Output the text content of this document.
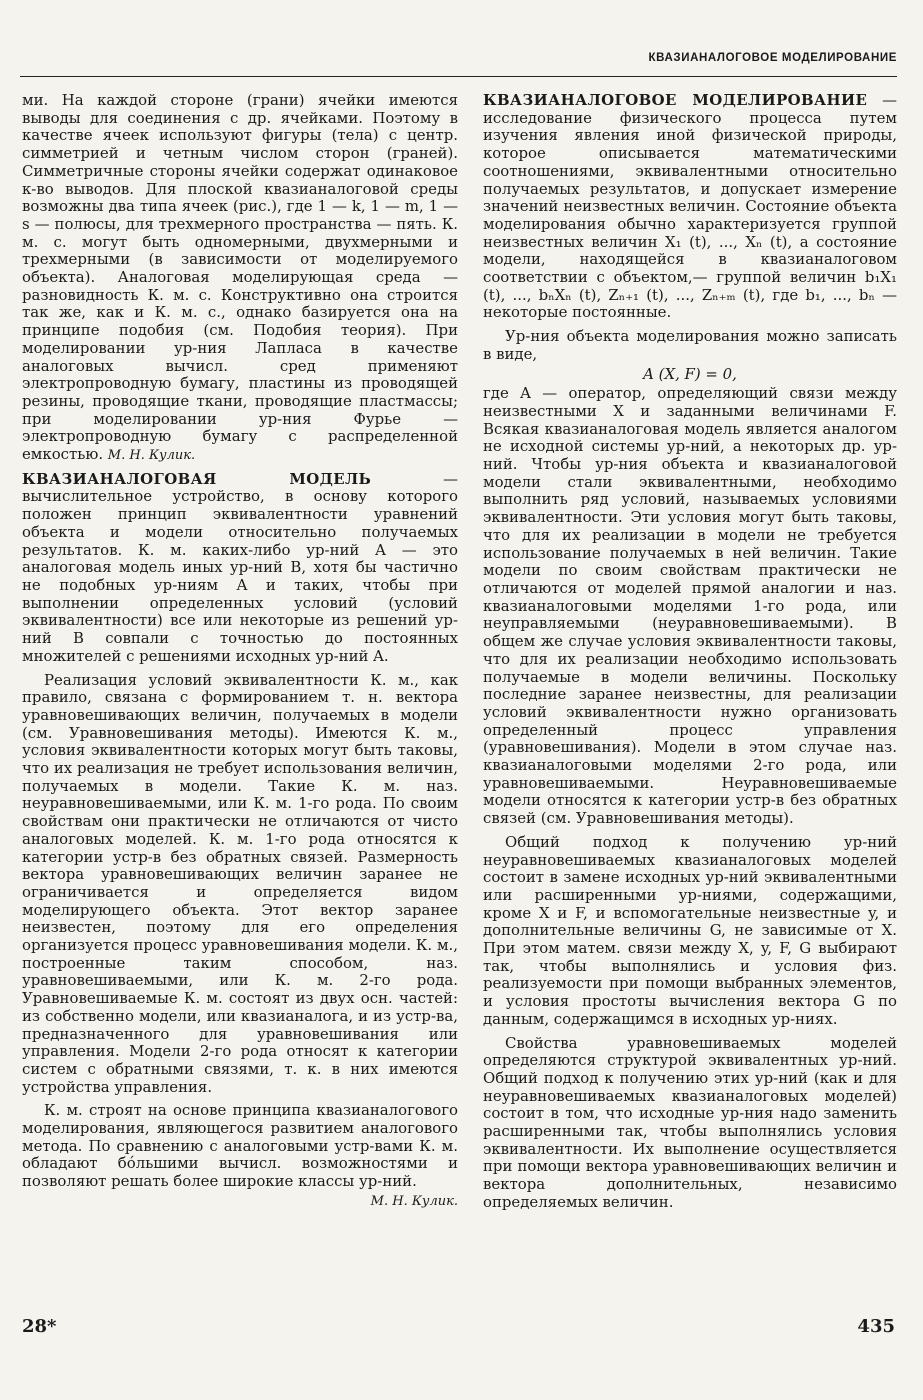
КВАЗИАНАЛОГОВОЕ МОДЕЛИРОВАНИЕ

ми. На каждой стороне (грани) ячейки имеются выводы для соединения с др. ячейками. Поэтому в качестве ячеек используют фигуры (тела) с центр. симметрией и четным числом сторон (граней). Симметричные стороны ячейки содержат одинаковое к-во выводов. Для плоской квазианалоговой среды возможны два типа ячеек (рис.), где 1 — k, 1 — m, 1 — s — полюсы, для трехмерного пространства — пять. К. м. с. могут быть одномерными, двухмерными и трехмерными (в зависимости от моделируемого объекта). Аналоговая моделирующая среда — разновидность К. м. с. Конструктивно она строится так же, как и К. м. с., однако базируется она на принципе подобия (см. Подобия теория). При моделировании ур-ния Лапласа в качестве аналоговых вычисл. сред применяют электропроводную бумагу, пластины из проводящей резины, проводящие ткани, проводящие пластмассы; при моделировании ур-ния Фурье — электропроводную бумагу с распределенной емкостью. М. Н. Кулик.

КВАЗИАНАЛОГОВАЯ МОДЕЛЬ — вычислительное устройство, в основу которого положен принцип эквивалентности уравнений объекта и модели относительно получаемых результатов. К. м. каких-либо ур-ний A — это аналоговая модель иных ур-ний B, хотя бы частично не подобных ур-ниям A и таких, чтобы при выполнении определенных условий (условий эквивалентности) все или некоторые из решений ур-ний B совпали с точностью до постоянных множителей с решениями исходных ур-ний A.

Реализация условий эквивалентности К. м., как правило, связана с формированием т. н. вектора уравновешивающих величин, получаемых в модели (см. Уравновешивания методы). Имеются К. м., условия эквивалентности которых могут быть таковы, что их реализация не требует использования величин, получаемых в модели. Такие К. м. наз. неуравновешиваемыми, или К. м. 1-го рода. По своим свойствам они практически не отличаются от чисто аналоговых моделей. К. м. 1-го рода относятся к категории устр-в без обратных связей. Размерность вектора уравновешивающих величин заранее не ограничивается и определяется видом моделирующего объекта. Этот вектор заранее неизвестен, поэтому для его определения организуется процесс уравновешивания модели. К. м., построенные таким способом, наз. уравновешиваемыми, или К. м. 2-го рода. Уравновешиваемые К. м. состоят из двух осн. частей: из собственно модели, или квазианалога, и из устр-ва, предназначенного для уравновешивания или управления. Модели 2-го рода относят к категории систем с обратными связями, т. к. в них имеются устройства управления.

К. м. строят на основе принципа квазианалогового моделирования, являющегося развитием аналогового метода. По сравнению с аналоговыми устр-вами К. м. обладают бóльшими вычисл. возможностями и позволяют решать более широкие классы ур-ний.

М. Н. Кулик.

КВАЗИАНАЛОГОВОЕ МОДЕЛИРОВАНИЕ — исследование физического процесса путем изучения явления иной физической природы, которое описывается математическими соотношениями, эквивалентными относительно получаемых результатов, и допускает измерение значений неизвестных величин. Состояние объекта моделирования обычно характеризуется группой неизвестных величин X₁ (t), ..., Xₙ (t), а состояние модели, находящейся в квазианалоговом соответствии с объектом,— группой величин b₁X₁ (t), ..., bₙXₙ (t), Zₙ₊₁ (t), ..., Zₙ₊ₘ (t), где b₁, ..., bₙ — некоторые постоянные.

Ур-ния объекта моделирования можно записать в виде,

A (X, F) = 0,

где A — оператор, определяющий связи между неизвестными X и заданными величинами F. Всякая квазианалоговая модель является аналогом не исходной системы ур-ний, а некоторых др. ур-ний. Чтобы ур-ния объекта и квазианалоговой модели стали эквивалентными, необходимо выполнить ряд условий, называемых условиями эквивалентности. Эти условия могут быть таковы, что для их реализации в модели не требуется использование получаемых в ней величин. Такие модели по своим свойствам практически не отличаются от моделей прямой аналогии и наз. квазианалоговыми моделями 1-го рода, или неуправляемыми (неуравновешиваемыми). В общем же случае условия эквивалентности таковы, что для их реализации необходимо использовать получаемые в модели величины. Поскольку последние заранее неизвестны, для реализации условий эквивалентности нужно организовать определенный процесс управления (уравновешивания). Модели в этом случае наз. квазианалоговыми моделями 2-го рода, или уравновешиваемыми. Неуравновешиваемые модели относятся к категории устр-в без обратных связей (см. Уравновешивания методы).

Общий подход к получению ур-ний неуравновешиваемых квазианалоговых моделей состоит в замене исходных ур-ний эквивалентными или расширенными ур-ниями, содержащими, кроме X и F, и вспомогательные неизвестные y, и дополнительные величины G, не зависимые от X. При этом матем. связи между X, y, F, G выбирают так, чтобы выполнялись и условия физ. реализуемости при помощи выбранных элементов, и условия простоты вычисления вектора G по данным, содержащимся в исходных ур-ниях.

Свойства уравновешиваемых моделей определяются структурой эквивалентных ур-ний. Общий подход к получению этих ур-ний (как и для неуравновешиваемых квазианалоговых моделей) состоит в том, что исходные ур-ния надо заменить расширенными так, чтобы выполнялись условия эквивалентности. Их выполнение осуществляется при помощи вектора уравновешивающих величин и вектора дополнительных, независимо определяемых величин.

28*	435
